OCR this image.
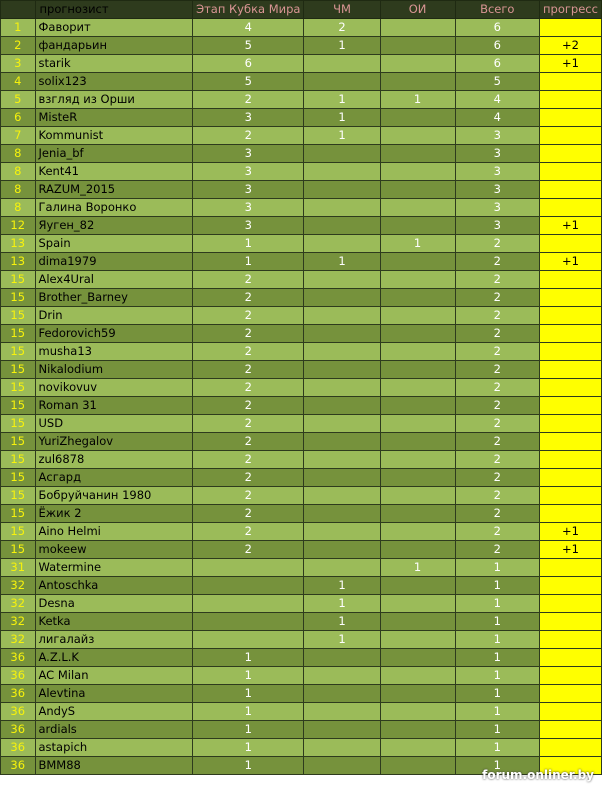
	прогнозист	Этап Кубка Мира	ЧМ	ОИ	Всего	прогресс
1	Фаворит	4	2		6	
2	фандарьин	5	1		6	+2
3	starik	6			6	+1
4	solix123	5			5	
5	взгляд из Орши	2	1	1	4	
6	MisteR	3	1		4	
7	Kommunist	2	1		3	
8	Jenia_bf	3			3	
8	Kent41	3			3	
8	RAZUM_2015	3			3	
8	Галина Воронко	3			3	
12	Яуген_82	3			3	+1
13	Spain	1		1	2	
13	dima1979	1	1		2	+1
15	Alex4Ural	2			2	
15	Brother_Barney	2			2	
15	Drin	2			2	
15	Fedorovich59	2			2	
15	musha13	2			2	
15	Nikalodium	2			2	
15	novikovuv	2			2	
15	Roman 31	2			2	
15	USD	2			2	
15	YuriZhegalov	2			2	
15	zul6878	2			2	
15	Асгард	2			2	
15	Бобруйчанин 1980	2			2	
15	Ёжик 2	2			2	
15	Aino Helmi	2			2	+1
15	mokeew	2			2	+1
31	Watermine			1	1	
32	Antoschka		1		1	
32	Desna		1		1	
32	Ketka		1		1	
32	лигалайз		1		1	
36	A.Z.L.K	1			1	
36	AC Milan	1			1	
36	Alevtina	1			1	
36	AndyS	1			1	
36	ardials	1			1	
36	astapich	1			1	
36	BMM88	1			1	
forum.onliner.by
